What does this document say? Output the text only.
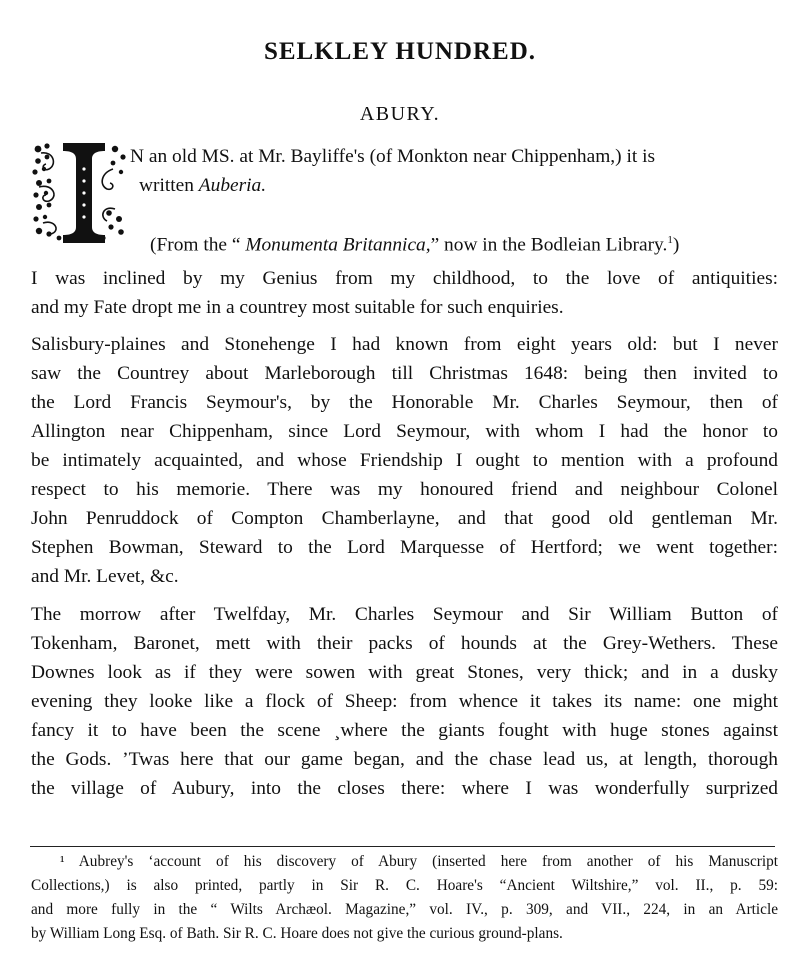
SELKLEY HUNDRED.
ABURY.
N an old MS. at Mr. Bayliffe's (of Monkton near Chippenham,) it is
written Auberia.
(From the “ Monumenta Britannica,” now in the Bodleian Library.$^1$)
I was inclined by my Genius from my childhood, to the love of antiquities:
and my Fate dropt me in a countrey most suitable for such enquiries.
Salisbury-plaines and Stonehenge I had known from eight years old: but I never
saw the Countrey about Marleborough till Christmas 1648: being then invited to
the Lord Francis Seymour's, by the Honorable Mr. Charles Seymour, then of
Allington near Chippenham, since Lord Seymour, with whom I had the honor to
be intimately acquainted, and whose Friendship I ought to mention with a profound
respect to his memorie. There was my honoured friend and neighbour Colonel
John Penruddock of Compton Chamberlayne, and that good old gentleman Mr.
Stephen Bowman, Steward to the Lord Marquesse of Hertford; we went together:
and Mr. Levet, &c.
The morrow after Twelfday, Mr. Charles Seymour and Sir William Button of
Tokenham, Baronet, mett with their packs of hounds at the Grey-Wethers. These
Downes look as if they were sowen with great Stones, very thick; and in a dusky
evening they looke like a flock of Sheep: from whence it takes its name: one might
fancy it to have been the scene ¸where the giants fought with huge stones against
the Gods. ’Twas here that our game began, and the chase lead us, at length, thorough
the village of Aubury, into the closes there: where I was wonderfully surprized
¹ Aubrey's ‘account of his discovery of Abury (inserted here from another of his Manuscript
Collections,) is also printed, partly in Sir R. C. Hoare's “Ancient Wiltshire,” vol. II., p. 59:
and more fully in the “ Wilts Archæol. Magazine,” vol. IV., p. 309, and VII., 224, in an Article
by William Long Esq. of Bath. Sir R. C. Hoare does not give the curious ground-plans.
